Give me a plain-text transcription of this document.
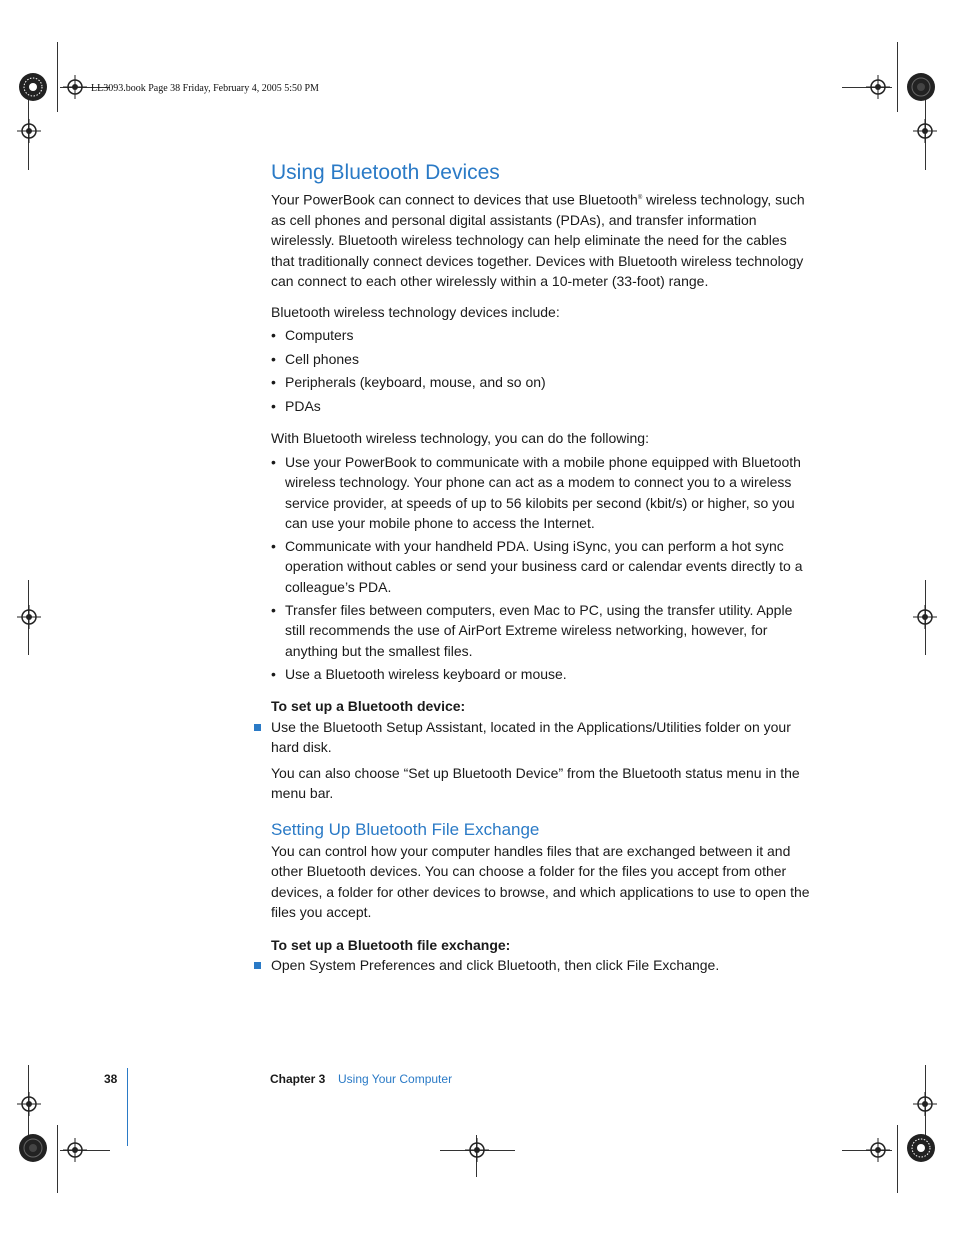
LL3093.book Page 38 Friday, February 4, 2005 5:50 PM
Using Bluetooth Devices
Your PowerBook can connect to devices that use Bluetooth® wireless technology, such
as cell phones and personal digital assistants (PDAs), and transfer information
wirelessly. Bluetooth wireless technology can help eliminate the need for the cables
that traditionally connect devices together. Devices with Bluetooth wireless technology
can connect to each other wirelessly within a 10-meter (33-foot) range.
Bluetooth wireless technology devices include:
• Computers
• Cell phones
• Peripherals (keyboard, mouse, and so on)
• PDAs
With Bluetooth wireless technology, you can do the following:
• Use your PowerBook to communicate with a mobile phone equipped with Bluetooth
wireless technology. Your phone can act as a modem to connect you to a wireless
service provider, at speeds of up to 56 kilobits per second (kbit/s) or higher, so you
can use your mobile phone to access the Internet.
• Communicate with your handheld PDA. Using iSync, you can perform a hot sync
operation without cables or send your business card or calendar events directly to a
colleague’s PDA.
• Transfer files between computers, even Mac to PC, using the transfer utility. Apple
still recommends the use of AirPort Extreme wireless networking, however, for
anything but the smallest files.
• Use a Bluetooth wireless keyboard or mouse.
To set up a Bluetooth device:
Use the Bluetooth Setup Assistant, located in the Applications/Utilities folder on your
hard disk.
You can also choose “Set up Bluetooth Device” from the Bluetooth status menu in the
menu bar.
Setting Up Bluetooth File Exchange
You can control how your computer handles files that are exchanged between it and
other Bluetooth devices. You can choose a folder for the files you accept from other
devices, a folder for other devices to browse, and which applications to use to open the
files you accept.
To set up a Bluetooth file exchange:
Open System Preferences and click Bluetooth, then click File Exchange.
38	Chapter 3 Using Your Computer
